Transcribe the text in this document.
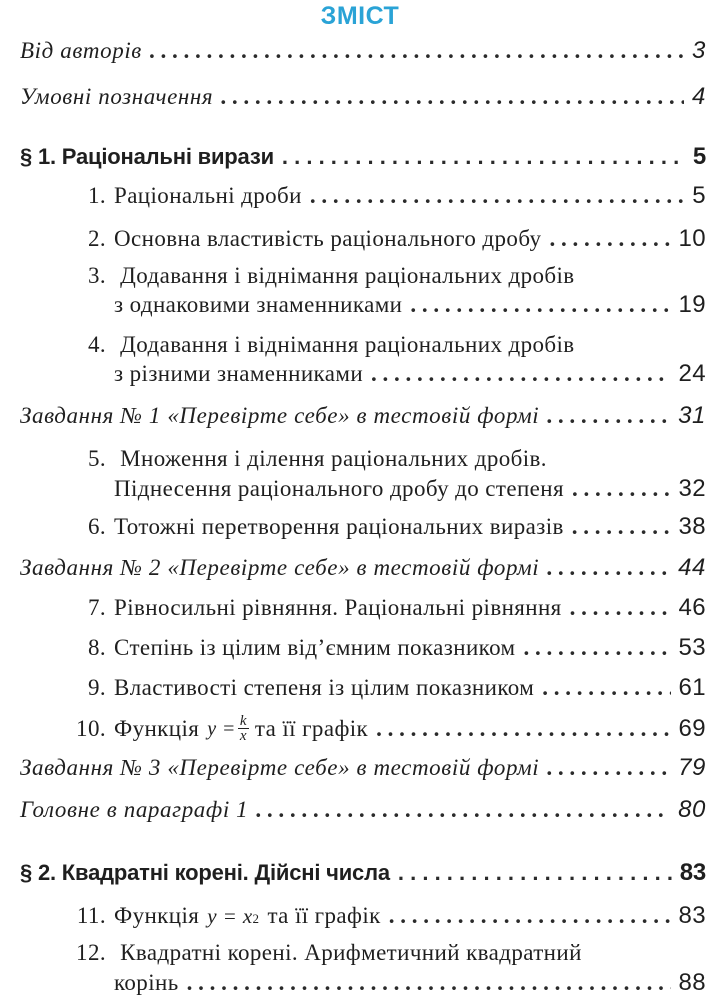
ЗМІСТ
Від авторів . . .	3
Умовні позначення . . .	4
§ 1. Раціональні вирази . . .	5
1. Раціональні дроби . . .	5
2. Основна властивість раціонального дробу . . .	10
3. Додавання і віднімання раціональних дробів
з однаковими знаменниками . . .	19
4. Додавання і віднімання раціональних дробів
з різними знаменниками . . .	24
Завдання № 1 «Перевірте себе» в тестовій формі . . .	31
5. Множення і ділення раціональних дробів.
Піднесення раціонального дробу до степеня . . .	32
6. Тотожні перетворення раціональних виразів . . .	38
Завдання № 2 «Перевірте себе» в тестовій формі . . .	44
7. Рівносильні рівняння. Раціональні рівняння . . .	46
8. Степінь із цілим від’ємним показником . . .	53
9. Властивості степеня із цілим показником . . .	61
10. Функція $y = \frac{k}{x}$ та її графік . . .	69
Завдання № 3 «Перевірте себе» в тестовій формі . . .	79
Головне в параграфі 1 . . .	80
§ 2. Квадратні корені. Дійсні числа . . .	83
11. Функція y = x 2 та її графік . . .	83
12. Квадратні корені. Арифметичний квадратний
корінь . . .	88
